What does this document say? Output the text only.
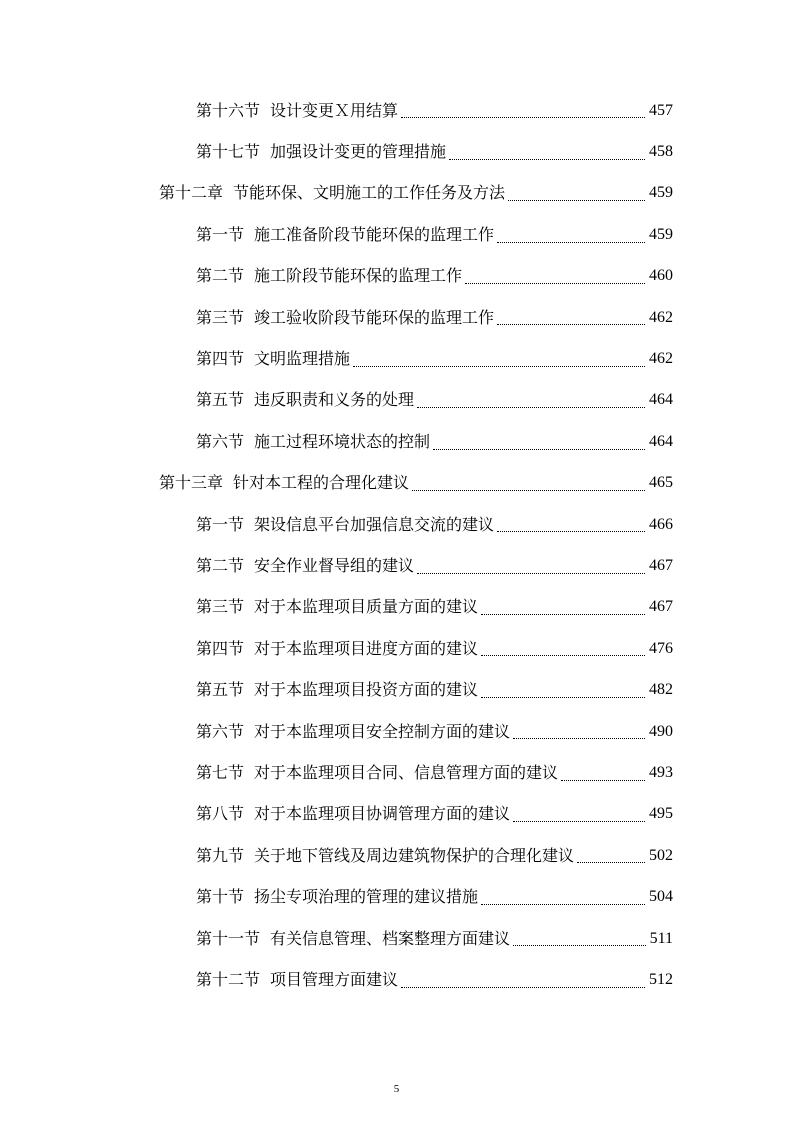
第十六节 设计变更Ｘ用结算	457
第十七节 加强设计变更的管理措施	458
第十二章 节能环保、文明施工的工作任务及方法	459
第一节 施工准备阶段节能环保的监理工作	459
第二节 施工阶段节能环保的监理工作	460
第三节 竣工验收阶段节能环保的监理工作	462
第四节 文明监理措施	462
第五节 违反职责和义务的处理	464
第六节 施工过程环境状态的控制	464
第十三章 针对本工程的合理化建议	465
第一节 架设信息平台加强信息交流的建议	466
第二节 安全作业督导组的建议	467
第三节 对于本监理项目质量方面的建议	467
第四节 对于本监理项目进度方面的建议	476
第五节 对于本监理项目投资方面的建议	482
第六节 对于本监理项目安全控制方面的建议	490
第七节 对于本监理项目合同、信息管理方面的建议	493
第八节 对于本监理项目协调管理方面的建议	495
第九节 关于地下管线及周边建筑物保护的合理化建议	502
第十节 扬尘专项治理的管理的建议措施	504
第十一节 有关信息管理、档案整理方面建议	511
第十二节 项目管理方面建议	512
5
